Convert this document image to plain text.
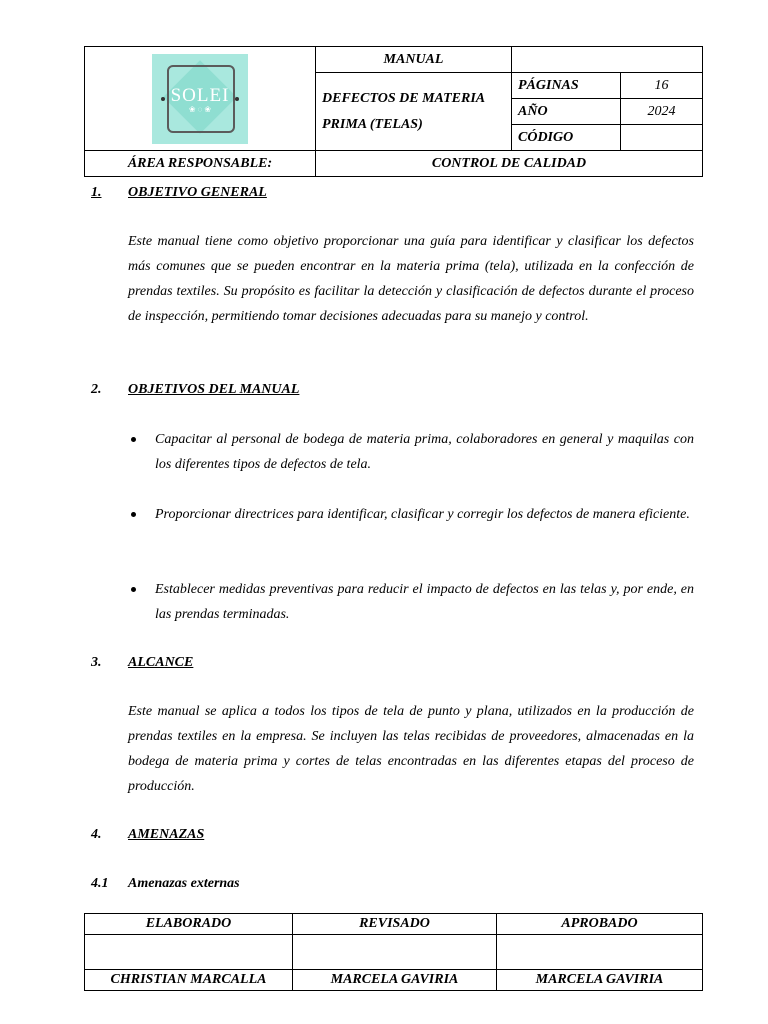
SOLEI
❀ ◌ ❀	MANUAL		

	DEFECTOS DE MATERIA
PRIMA (TELAS)	PÁGINAS	16
		AÑO	2024
		CÓDIGO	
ÁREA RESPONSABLE:	CONTROL DE CALIDAD		
1.	OBJETIVO GENERAL

Este manual tiene como objetivo proporcionar una guía para identificar y clasificar los defectos más comunes que se pueden encontrar en la materia prima (tela), utilizada en la confección de prendas textiles. Su propósito es facilitar la detección y clasificación de defectos durante el proceso de inspección, permitiendo tomar decisiones adecuadas para su manejo y control.

2. OBJETIVOS DEL MANUAL
Capacitar al personal de bodega de materia prima, colaboradores en general y maquilas con los diferentes tipos de defectos de tela.
Proporcionar directrices para identificar, clasificar y corregir los defectos de manera eficiente.
Establecer medidas preventivas para reducir el impacto de defectos en las telas y, por ende, en las prendas terminadas.
3. ALCANCE

Este manual se aplica a todos los tipos de tela de punto y plana, utilizados en la producción de prendas textiles en la empresa. Se incluyen las telas recibidas de proveedores, almacenadas en la bodega de materia prima y cortes de telas encontradas en las diferentes etapas del proceso de producción.

4. AMENAZAS
4.1 Amenazas externas
ELABORADO	REVISADO	APROBADO

CHRISTIAN MARCALLA	MARCELA GAVIRIA	MARCELA GAVIRIA
